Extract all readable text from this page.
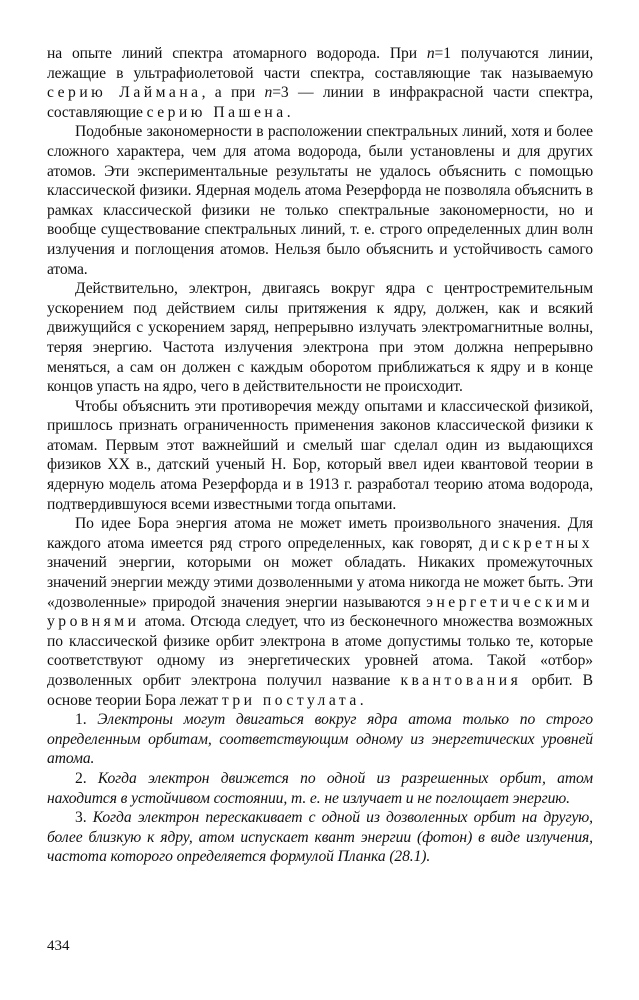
на опыте линий спектра атомарного водорода. При n=1 получаются линии, лежащие в ультрафиолетовой части спектра, составляющие так называемую серию Лаймана, а при n=3 — линии в инфракрасной части спектра, составляющие серию Пашена.

Подобные закономерности в расположении спектральных линий, хотя и более сложного характера, чем для атома водорода, были установлены и для других атомов. Эти экспериментальные результаты не удалось объяснить с помощью классической физики. Ядерная модель атома Резерфорда не позволяла объяснить в рамках классической физики не только спектральные закономерности, но и вообще существование спектральных линий, т. е. строго определенных длин волн излучения и поглощения атомов. Нельзя было объяснить и устойчивость самого атома.

Действительно, электрон, двигаясь вокруг ядра с центростремительным ускорением под действием силы притяжения к ядру, должен, как и всякий движущийся с ускорением заряд, непрерывно излучать электромагнитные волны, теряя энергию. Частота излучения электрона при этом должна непрерывно меняться, а сам он должен с каждым оборотом приближаться к ядру и в конце концов упасть на ядро, чего в действительности не происходит.

Чтобы объяснить эти противоречия между опытами и классической физикой, пришлось признать ограниченность применения законов классической физики к атомам. Первым этот важнейший и смелый шаг сделал один из выдающихся физиков XX в., датский ученый Н. Бор, который ввел идеи квантовой теории в ядерную модель атома Резерфорда и в 1913 г. разработал теорию атома водорода, подтвердившуюся всеми известными тогда опытами.

По идее Бора энергия атома не может иметь произвольного значения. Для каждого атома имеется ряд строго определенных, как говорят, дискретных значений энергии, которыми он может обладать. Никаких промежуточных значений энергии между этими дозволенными у атома никогда не может быть. Эти «дозволенные» природой значения энергии называются энергетическими уровнями атома. Отсюда следует, что из бесконечного множества возможных по классической физике орбит электрона в атоме допустимы только те, которые соответствуют одному из энергетических уровней атома. Такой «отбор» дозволенных орбит электрона получил название квантования орбит. В основе теории Бора лежат три постулата.

1. Электроны могут двигаться вокруг ядра атома только по строго определенным орбитам, соответствующим одному из энергетических уровней атома.

2. Когда электрон движется по одной из разрешенных орбит, атом находится в устойчивом состоянии, т. е. не излучает и не поглощает энергию.

3. Когда электрон перескакивает с одной из дозволенных орбит на другую, более близкую к ядру, атом испускает квант энергии (фотон) в виде излучения, частота которого определяется формулой Планка (28.1).

434
